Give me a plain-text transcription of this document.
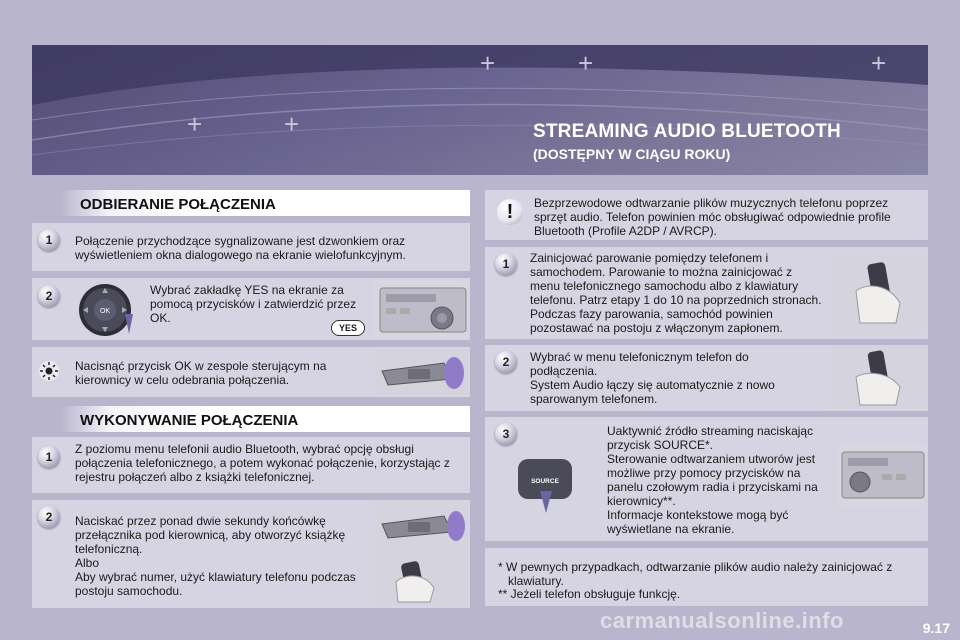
+	+	+
+	+	STREAMING AUDIO BLUETOOTH
(DOSTĘPNY W CIĄGU ROKU)
ODBIERANIE POŁĄCZENIA
1	Połączenie przychodzące sygnalizowane jest dzwonkiem oraz wyświetleniem okna dialogowego na ekranie wielofunkcyjnym.
2
OK
Wybrać zakładkę YES na ekranie za pomocą przycisków i zatwierdzić przez OK.
YES
Nacisnąć przycisk OK w zespole sterującym na kierownicy w celu odebrania połączenia.
WYKONYWANIE POŁĄCZENIA
1
Z poziomu menu telefonii audio Bluetooth, wybrać opcję obsługi połączenia telefonicznego, a potem wykonać połączenie, korzystając z rejestru połączeń albo z książki telefonicznej.
2	Naciskać przez ponad dwie sekundy końcówkę przełącznika pod kierownicą, aby otworzyć książkę telefoniczną.
Albo
Aby wybrać numer, użyć klawiatury telefonu podczas postoju samochodu.
!	Bezprzewodowe odtwarzanie plików muzycznych telefonu poprzez sprzęt audio. Telefon powinien móc obsługiwać odpowiednie profile Bluetooth (Profile A2DP / AVRCP).
1	Zainicjować parowanie pomiędzy telefonem i samochodem. Parowanie to można zainicjować z menu telefonicznego samochodu albo z klawiatury telefonu. Patrz etapy 1 do 10 na poprzednich stronach. Podczas fazy parowania, samochód powinien pozostawać na postoju z włączonym zapłonem.
2	Wybrać w menu telefonicznym telefon do podłączenia.
System Audio łączy się automatycznie z nowo sparowanym telefonem.
3
SOURCE
Uaktywnić źródło streaming naciskając przycisk SOURCE*.
Sterowanie odtwarzaniem utworów jest możliwe przy pomocy przycisków na panelu czołowym radia i przyciskami na kierownicy**.
Informacje kontekstowe mogą być wyświetlane na ekranie.
* W pewnych przypadkach, odtwarzanie plików audio należy zainicjować z klawiatury.
** Jeżeli telefon obsługuje funkcję.
carmanualsonline.info	9.17
